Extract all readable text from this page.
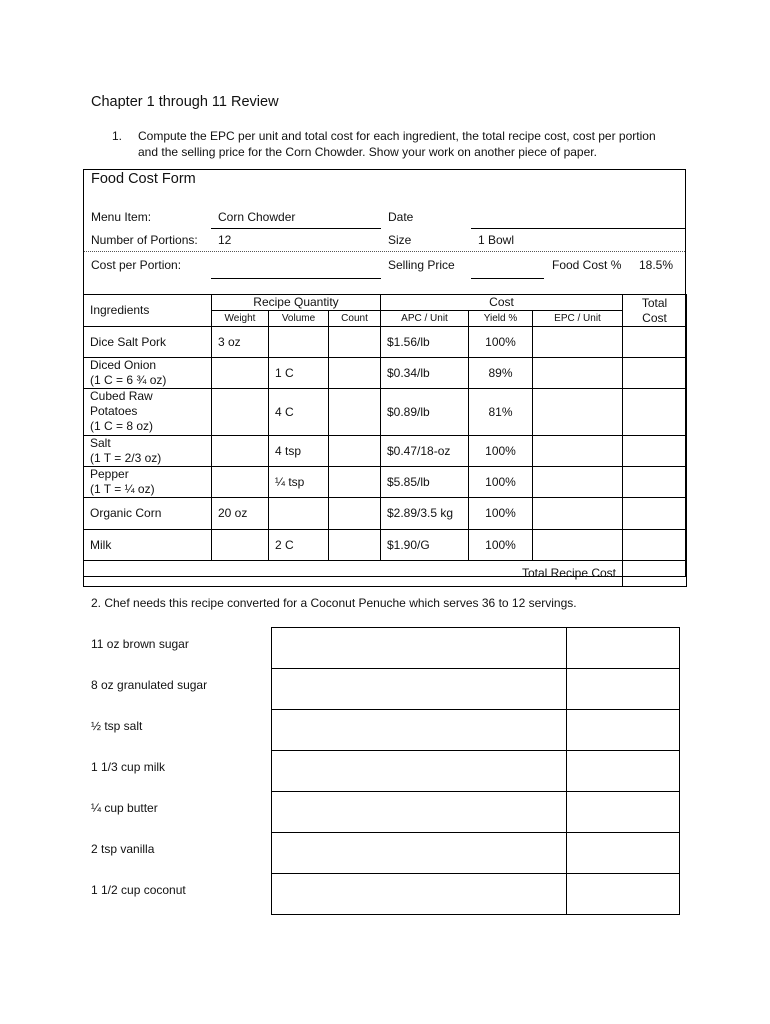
Chapter 1 through 11 Review
1. Compute the EPC per unit and total cost for each ingredient, the total recipe cost, cost per portion
and the selling price for the Corn Chowder. Show your work on another piece of paper.
Food Cost Form
Menu Item:	Corn Chowder	Date
Number of Portions: 12	Size	1 Bowl
Cost per Portion:	Selling Price	Food Cost % 18.5%
Ingredients	Recipe Quantity			Cost			Total
Cost

	Weight	Volume	Count	APC / Unit	Yield %	EPC / Unit	

Dice Salt Pork	3 oz			$1.56/lb	100%		

Diced Onion
(1 C = 6 ¾ oz)		1 C		$0.34/lb	89%		

Cubed Raw
Potatoes
(1 C = 8 oz)		4 C		$0.89/lb	81%		

Salt
(1 T = 2/3 oz)		4 tsp		$0.47/18-oz	100%		

Pepper
(1 T = ¼ oz)		¼ tsp		$5.85/lb	100%		

Organic Corn	20 oz			$2.89/3.5 kg	100%		

Milk		2 C		$1.90/G	100%		
Total Recipe Cost							
2. Chef needs this recipe converted for a Coconut Penuche which serves 36 to 12 servings.
11 oz brown sugar
8 oz granulated sugar
½ tsp salt
1 1/3 cup milk
¼ cup butter
2 tsp vanilla
1 1/2 cup coconut
